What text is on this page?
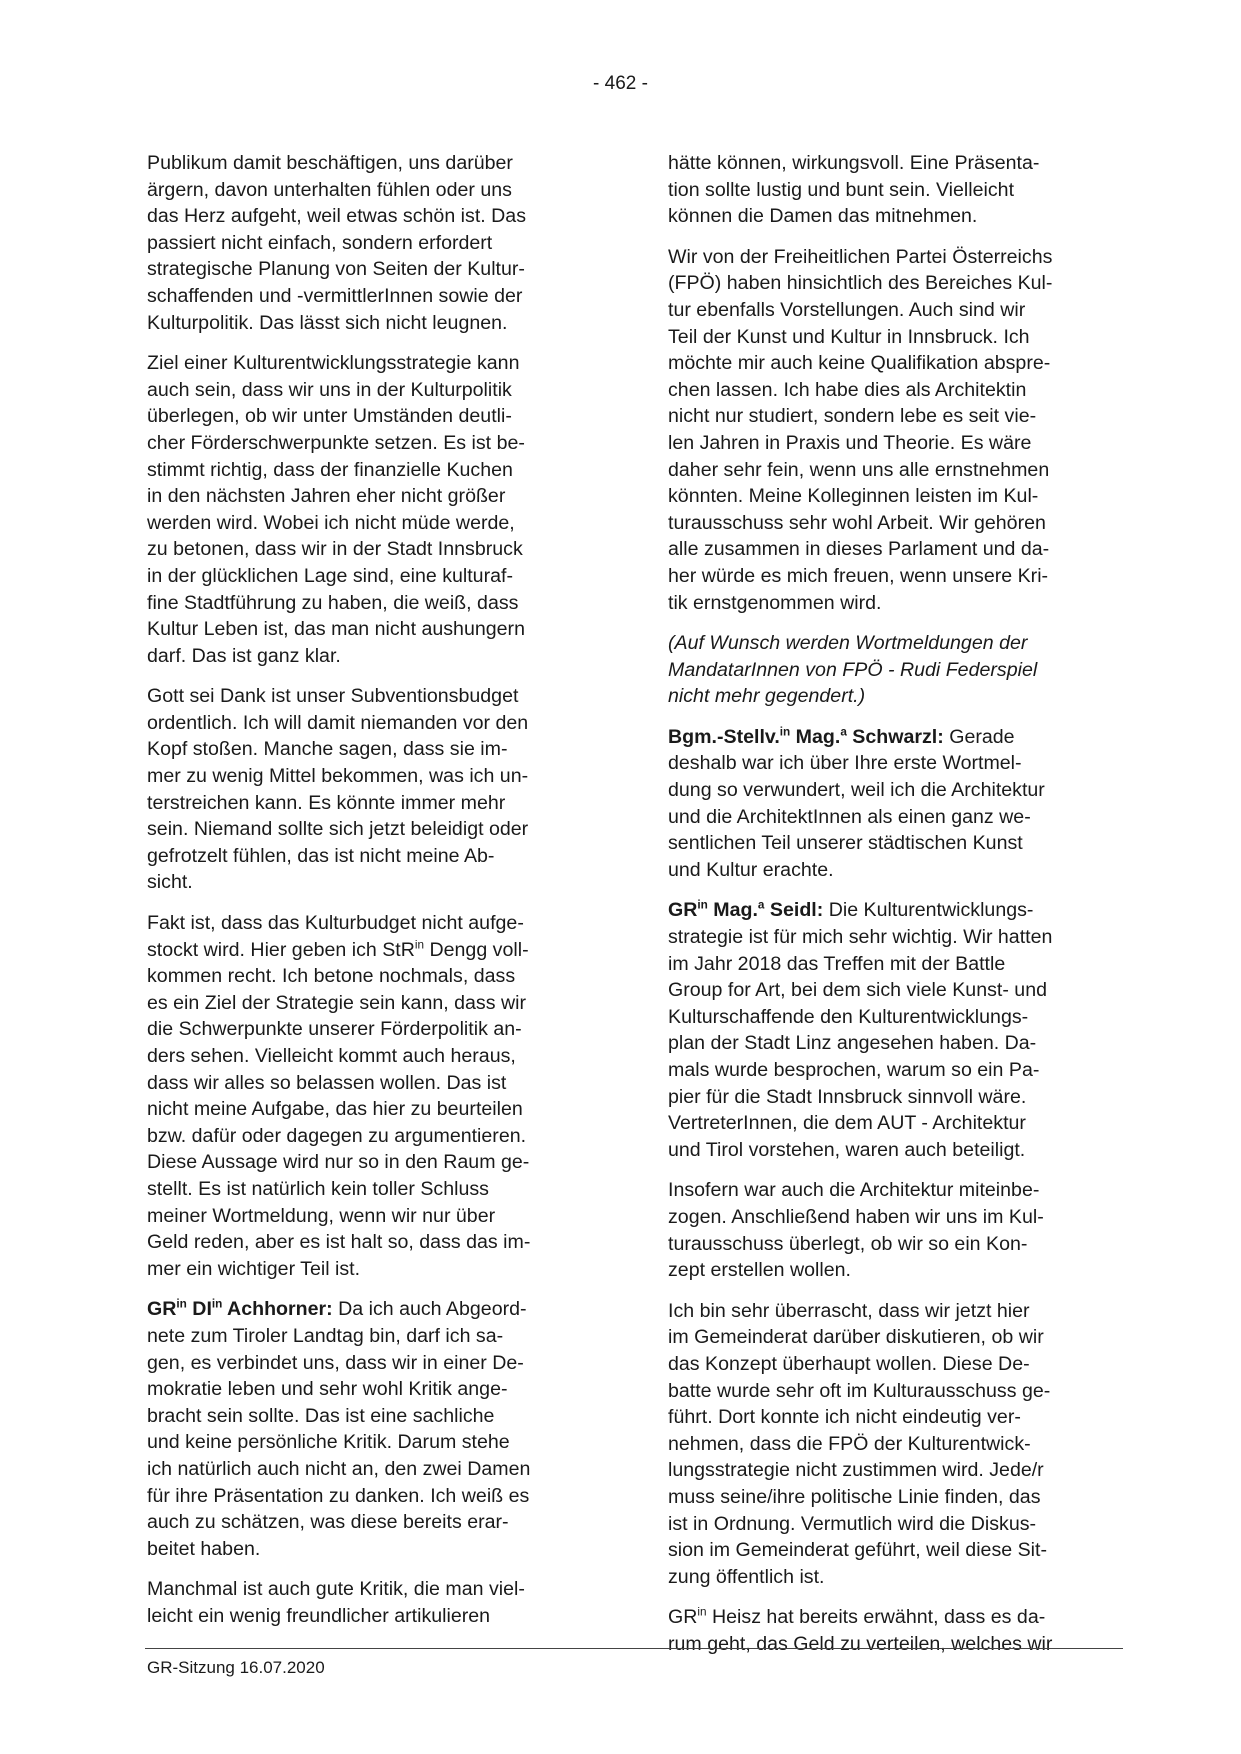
- 462 -

Publikum damit beschäftigen, uns darüber
ärgern, davon unterhalten fühlen oder uns
das Herz aufgeht, weil etwas schön ist. Das
passiert nicht einfach, sondern erfordert
strategische Planung von Seiten der Kultur-
schaffenden und -vermittlerInnen sowie der
Kulturpolitik. Das lässt sich nicht leugnen.

Ziel einer Kulturentwicklungsstrategie kann
auch sein, dass wir uns in der Kulturpolitik
überlegen, ob wir unter Umständen deutli-
cher Förderschwerpunkte setzen. Es ist be-
stimmt richtig, dass der finanzielle Kuchen
in den nächsten Jahren eher nicht größer
werden wird. Wobei ich nicht müde werde,
zu betonen, dass wir in der Stadt Innsbruck
in der glücklichen Lage sind, eine kulturaf-
fine Stadtführung zu haben, die weiß, dass
Kultur Leben ist, das man nicht aushungern
darf. Das ist ganz klar.

Gott sei Dank ist unser Subventionsbudget
ordentlich. Ich will damit niemanden vor den
Kopf stoßen. Manche sagen, dass sie im-
mer zu wenig Mittel bekommen, was ich un-
terstreichen kann. Es könnte immer mehr
sein. Niemand sollte sich jetzt beleidigt oder
gefrotzelt fühlen, das ist nicht meine Ab-
sicht.

Fakt ist, dass das Kulturbudget nicht aufge-
stockt wird. Hier geben ich StR$^{in}$ Dengg voll-
kommen recht. Ich betone nochmals, dass
es ein Ziel der Strategie sein kann, dass wir
die Schwerpunkte unserer Förderpolitik an-
ders sehen. Vielleicht kommt auch heraus,
dass wir alles so belassen wollen. Das ist
nicht meine Aufgabe, das hier zu beurteilen
bzw. dafür oder dagegen zu argumentieren.
Diese Aussage wird nur so in den Raum ge-
stellt. Es ist natürlich kein toller Schluss
meiner Wortmeldung, wenn wir nur über
Geld reden, aber es ist halt so, dass das im-
mer ein wichtiger Teil ist.

$GR^{in}$ $DI^{in}$ Achhorner: Da ich auch Abgeord-
nete zum Tiroler Landtag bin, darf ich sa-
gen, es verbindet uns, dass wir in einer De-
mokratie leben und sehr wohl Kritik ange-
bracht sein sollte. Das ist eine sachliche
und keine persönliche Kritik. Darum stehe
ich natürlich auch nicht an, den zwei Damen
für ihre Präsentation zu danken. Ich weiß es
auch zu schätzen, was diese bereits erar-
beitet haben.

Manchmal ist auch gute Kritik, die man viel-
leicht ein wenig freundlicher artikulieren

hätte können, wirkungsvoll. Eine Präsenta-
tion sollte lustig und bunt sein. Vielleicht
können die Damen das mitnehmen.

Wir von der Freiheitlichen Partei Österreichs
(FPÖ) haben hinsichtlich des Bereiches Kul-
tur ebenfalls Vorstellungen. Auch sind wir
Teil der Kunst und Kultur in Innsbruck. Ich
möchte mir auch keine Qualifikation abspre-
chen lassen. Ich habe dies als Architektin
nicht nur studiert, sondern lebe es seit vie-
len Jahren in Praxis und Theorie. Es wäre
daher sehr fein, wenn uns alle ernstnehmen
könnten. Meine Kolleginnen leisten im Kul-
turausschuss sehr wohl Arbeit. Wir gehören
alle zusammen in dieses Parlament und da-
her würde es mich freuen, wenn unsere Kri-
tik ernstgenommen wird.

(Auf Wunsch werden Wortmeldungen der
MandatarInnen von FPÖ - Rudi Federspiel
nicht mehr gegendert.)

Bgm.-Stellv.$^{in}$ Mag.$^a$ Schwarzl: Gerade
deshalb war ich über Ihre erste Wortmel-
dung so verwundert, weil ich die Architektur
und die ArchitektInnen als einen ganz we-
sentlichen Teil unserer städtischen Kunst
und Kultur erachte.

$GR^{in}$ Mag.$^a$ Seidl: Die Kulturentwicklungs-
strategie ist für mich sehr wichtig. Wir hatten
im Jahr 2018 das Treffen mit der Battle
Group for Art, bei dem sich viele Kunst- und
Kulturschaffende den Kulturentwicklungs-
plan der Stadt Linz angesehen haben. Da-
mals wurde besprochen, warum so ein Pa-
pier für die Stadt Innsbruck sinnvoll wäre.
VertreterInnen, die dem AUT - Architektur
und Tirol vorstehen, waren auch beteiligt.

Insofern war auch die Architektur miteinbe-
zogen. Anschließend haben wir uns im Kul-
turausschuss überlegt, ob wir so ein Kon-
zept erstellen wollen.

Ich bin sehr überrascht, dass wir jetzt hier
im Gemeinderat darüber diskutieren, ob wir
das Konzept überhaupt wollen. Diese De-
batte wurde sehr oft im Kulturausschuss ge-
führt. Dort konnte ich nicht eindeutig ver-
nehmen, dass die FPÖ der Kulturentwick-
lungsstrategie nicht zustimmen wird. Jede/r
muss seine/ihre politische Linie finden, das
ist in Ordnung. Vermutlich wird die Diskus-
sion im Gemeinderat geführt, weil diese Sit-
zung öffentlich ist.

$GR^{in}$ Heisz hat bereits erwähnt, dass es da-
rum geht, das Geld zu verteilen, welches wir

GR-Sitzung 16.07.2020
